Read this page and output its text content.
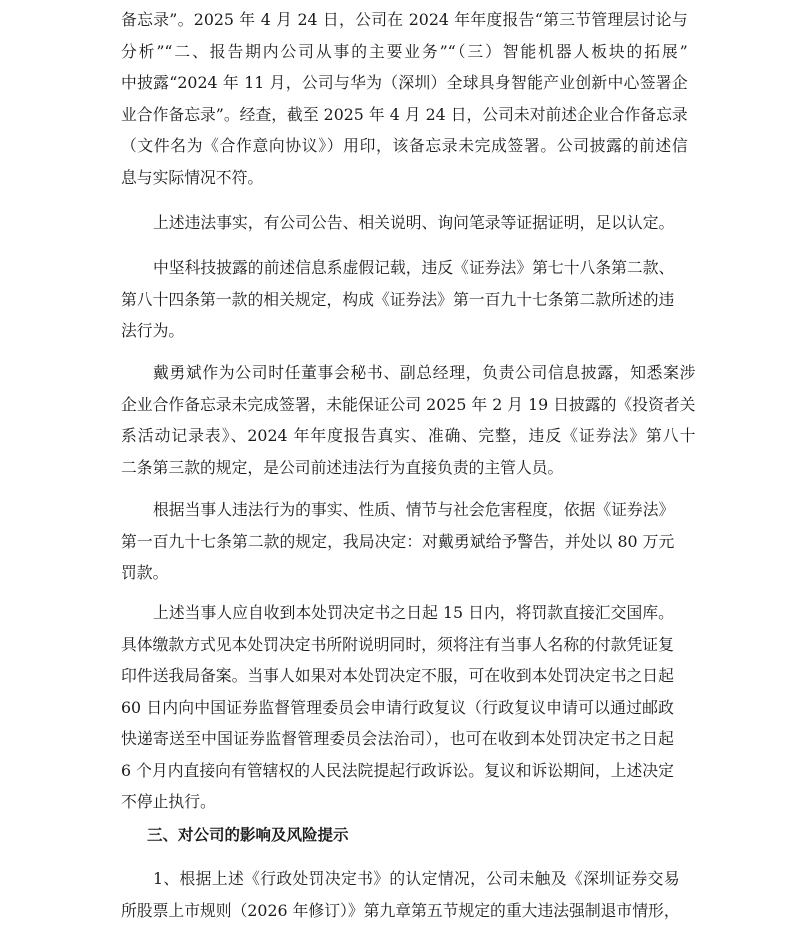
备忘录”。2025 年 4 月 24 日，公司在 2024 年年度报告“第三节管理层讨论与
分析”“二、报告期内公司从事的主要业务”“（三）智能机器人板块的拓展”
中披露“2024 年 11 月，公司与华为（深圳）全球具身智能产业创新中心签署企
业合作备忘录”。经查，截至 2025 年 4 月 24 日，公司未对前述企业合作备忘录
（文件名为《合作意向协议》）用印，该备忘录未完成签署。公司披露的前述信
息与实际情况不符。
上述违法事实，有公司公告、相关说明、询问笔录等证据证明，足以认定。
中坚科技披露的前述信息系虚假记载，违反《证券法》第七十八条第二款、
第八十四条第一款的相关规定，构成《证券法》第一百九十七条第二款所述的违
法行为。
戴勇斌作为公司时任董事会秘书、副总经理，负责公司信息披露，知悉案涉
企业合作备忘录未完成签署，未能保证公司 2025 年 2 月 19 日披露的《投资者关
系活动记录表》、2024 年年度报告真实、准确、完整，违反《证券法》第八十
二条第三款的规定，是公司前述违法行为直接负责的主管人员。
根据当事人违法行为的事实、性质、情节与社会危害程度，依据《证券法》
第一百九十七条第二款的规定，我局决定：对戴勇斌给予警告，并处以 80 万元
罚款。
上述当事人应自收到本处罚决定书之日起 15 日内，将罚款直接汇交国库。
具体缴款方式见本处罚决定书所附说明同时，须将注有当事人名称的付款凭证复
印件送我局备案。当事人如果对本处罚决定不服，可在收到本处罚决定书之日起
60 日内向中国证券监督管理委员会申请行政复议（行政复议申请可以通过邮政
快递寄送至中国证券监督管理委员会法治司），也可在收到本处罚决定书之日起
6 个月内直接向有管辖权的人民法院提起行政诉讼。复议和诉讼期间，上述决定
不停止执行。
三、对公司的影响及风险提示
1、根据上述《行政处罚决定书》的认定情况，公司未触及《深圳证券交易
所股票上市规则（2026 年修订）》第九章第五节规定的重大违法强制退市情形，
